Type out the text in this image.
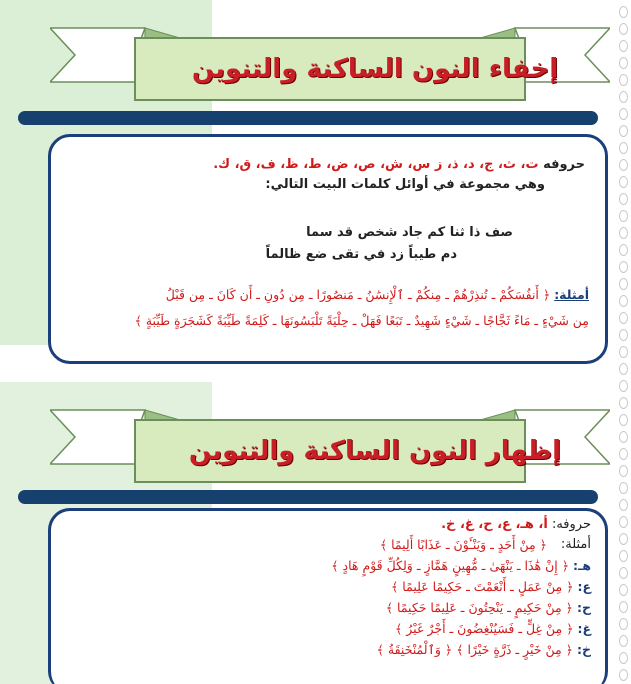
إخفاء النون الساكنة والتنوين
حروفه ت، ث، ج، د، ذ، ز س، ش، ص، ض، ط، ظ، ف، ق، ك.
وهي مجموعة في أوائل كلمات البيت التالي:
صف ذا ثنا كم جاد شخص قد سما
دم طيباً زد في تقى ضع ظالماً
أمثلة: ﴿ أَنفُسَكُمْ ـ تُنذِرْهُمْ ـ مِنكُمْ ـ ٱلْإِنسَٰنُ ـ مَنصُورًا ـ مِن دُونِ ـ أَن كَانَ ـ مِن قَبْلُ
مِن شَيْءٍ ـ مَاءً ثَجَّاجًا ـ شَيْءٍ شَهِيدٌ ـ تَبَعًا فَهَلْ ـ حِلْيَةً تَلْبَسُونَهَا ـ كَلِمَةً طَيِّبَةً كَشَجَرَةٍ طَيِّبَةٍ ﴾
إظهار النون الساكنة والتنوين
حروفه: أ، هـ، ع، ح، غ، خ.
أمثلة:
﴿ مِنْ أَحَدٍ ـ وَيَنْـَٔوْنَ ـ عَذَابًا أَلِيمًا ﴾
هـ:﴿ إِنْ هَٰذَا ـ يَنْهَىٰ ـ مُّهِينٍ هَمَّازٍ ـ وَلِكُلِّ قَوْمٍ هَادٍ ﴾
ع:﴿ مِنْ عَمَلٍ ـ أَنْعَمْتَ ـ حَكِيمًا عَلِيمًا ﴾
ح:﴿ مِنْ حَكِيمٍ ـ يَنْحِتُونَ ـ عَلِيمًا حَكِيمًا ﴾
غ:﴿ مِنْ غِلٍّ ـ فَسَيُنْغِضُونَ ـ أَجْرٌ غَيْرُ ﴾
خ:﴿ مِنْ خَيْرٍ ـ ذَرَّةٍ خَيْرًا ﴾ ﴿ وَٱلْمُنْخَنِقَةُ ﴾
